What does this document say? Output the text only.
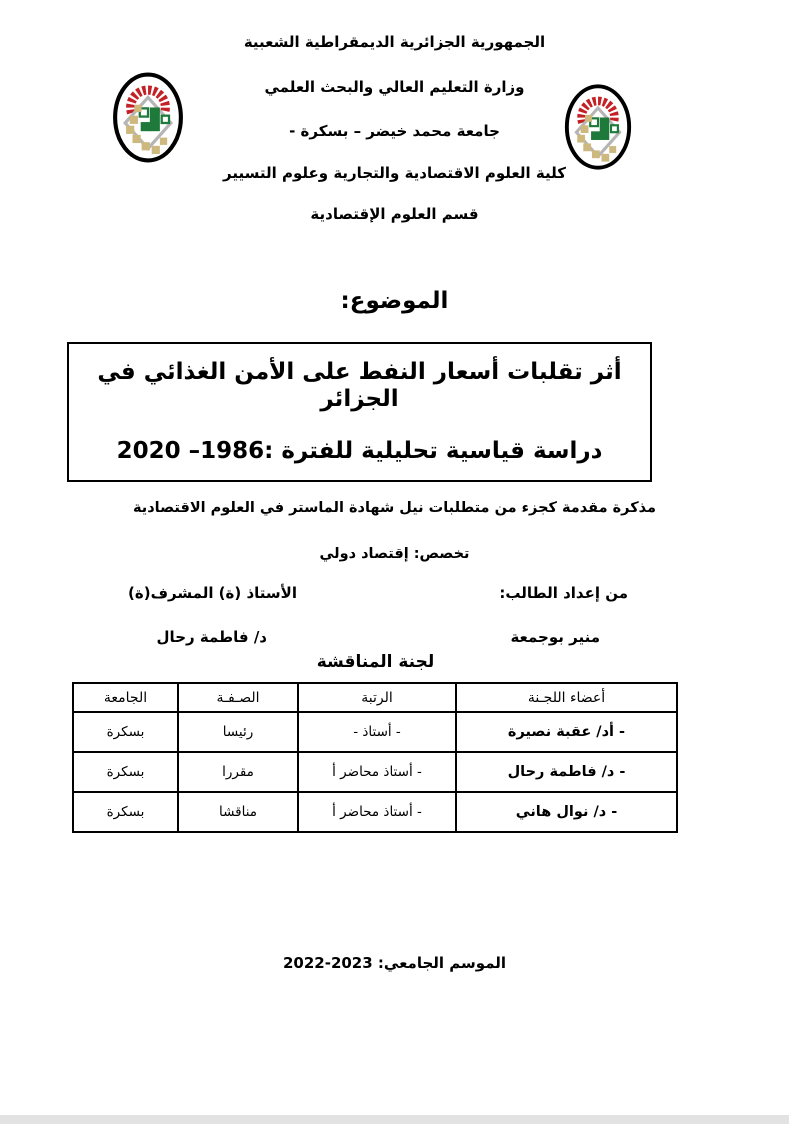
الجمهورية الجزائرية الديمقراطية الشعبية
وزارة التعليم العالي والبحث العلمي
جامعة محمد خيضر – بسكرة -
كلية العلوم الاقتصادية والتجارية وعلوم التسيير
قسم العلوم الإقتصادية
الموضوع:
أثر تقلبات أسعار النفط على الأمن الغذائي في الجزائر
دراسة قياسية تحليلية للفترة :1986– 2020
مذكرة مقدمة كجزء من متطلبات نيل شهادة الماستر في العلوم الاقتصادية
تخصص: إقتصاد دولي
من إعداد الطالب:
منير بوجمعة
الأستاذ (ة) المشرف(ة)
د/ فاطمة رحال
لجنة المناقشة
أعضاء اللجـنة	الرتبة	الصـفـة	الجامعة
- أد/ عقبة نصيرة	- أستاذ -	رئيسا	بسكرة
- د/ فاطمة رحال	- أستاذ محاضر أ	مقررا	بسكرة
- د/ نوال هاني	- أستاذ محاضر أ	مناقشا	بسكرة
الموسم الجامعي: 2023-2022
